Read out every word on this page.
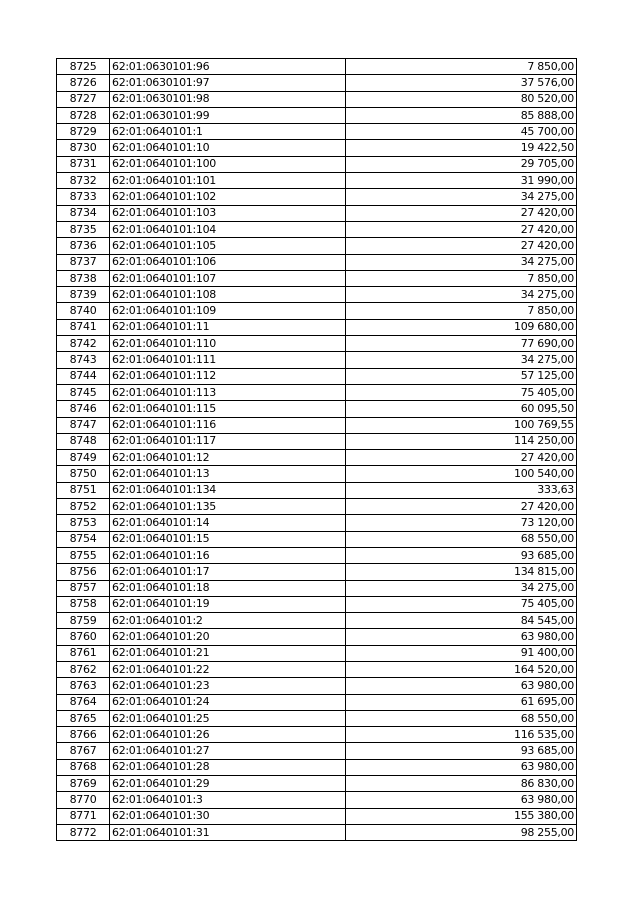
8725	62:01:0630101:96	7 850,00
8726	62:01:0630101:97	37 576,00
8727	62:01:0630101:98	80 520,00
8728	62:01:0630101:99	85 888,00
8729	62:01:0640101:1	45 700,00
8730	62:01:0640101:10	19 422,50
8731	62:01:0640101:100	29 705,00
8732	62:01:0640101:101	31 990,00
8733	62:01:0640101:102	34 275,00
8734	62:01:0640101:103	27 420,00
8735	62:01:0640101:104	27 420,00
8736	62:01:0640101:105	27 420,00
8737	62:01:0640101:106	34 275,00
8738	62:01:0640101:107	7 850,00
8739	62:01:0640101:108	34 275,00
8740	62:01:0640101:109	7 850,00
8741	62:01:0640101:11	109 680,00
8742	62:01:0640101:110	77 690,00
8743	62:01:0640101:111	34 275,00
8744	62:01:0640101:112	57 125,00
8745	62:01:0640101:113	75 405,00
8746	62:01:0640101:115	60 095,50
8747	62:01:0640101:116	100 769,55
8748	62:01:0640101:117	114 250,00
8749	62:01:0640101:12	27 420,00
8750	62:01:0640101:13	100 540,00
8751	62:01:0640101:134	333,63
8752	62:01:0640101:135	27 420,00
8753	62:01:0640101:14	73 120,00
8754	62:01:0640101:15	68 550,00
8755	62:01:0640101:16	93 685,00
8756	62:01:0640101:17	134 815,00
8757	62:01:0640101:18	34 275,00
8758	62:01:0640101:19	75 405,00
8759	62:01:0640101:2	84 545,00
8760	62:01:0640101:20	63 980,00
8761	62:01:0640101:21	91 400,00
8762	62:01:0640101:22	164 520,00
8763	62:01:0640101:23	63 980,00
8764	62:01:0640101:24	61 695,00
8765	62:01:0640101:25	68 550,00
8766	62:01:0640101:26	116 535,00
8767	62:01:0640101:27	93 685,00
8768	62:01:0640101:28	63 980,00
8769	62:01:0640101:29	86 830,00
8770	62:01:0640101:3	63 980,00
8771	62:01:0640101:30	155 380,00
8772	62:01:0640101:31	98 255,00
